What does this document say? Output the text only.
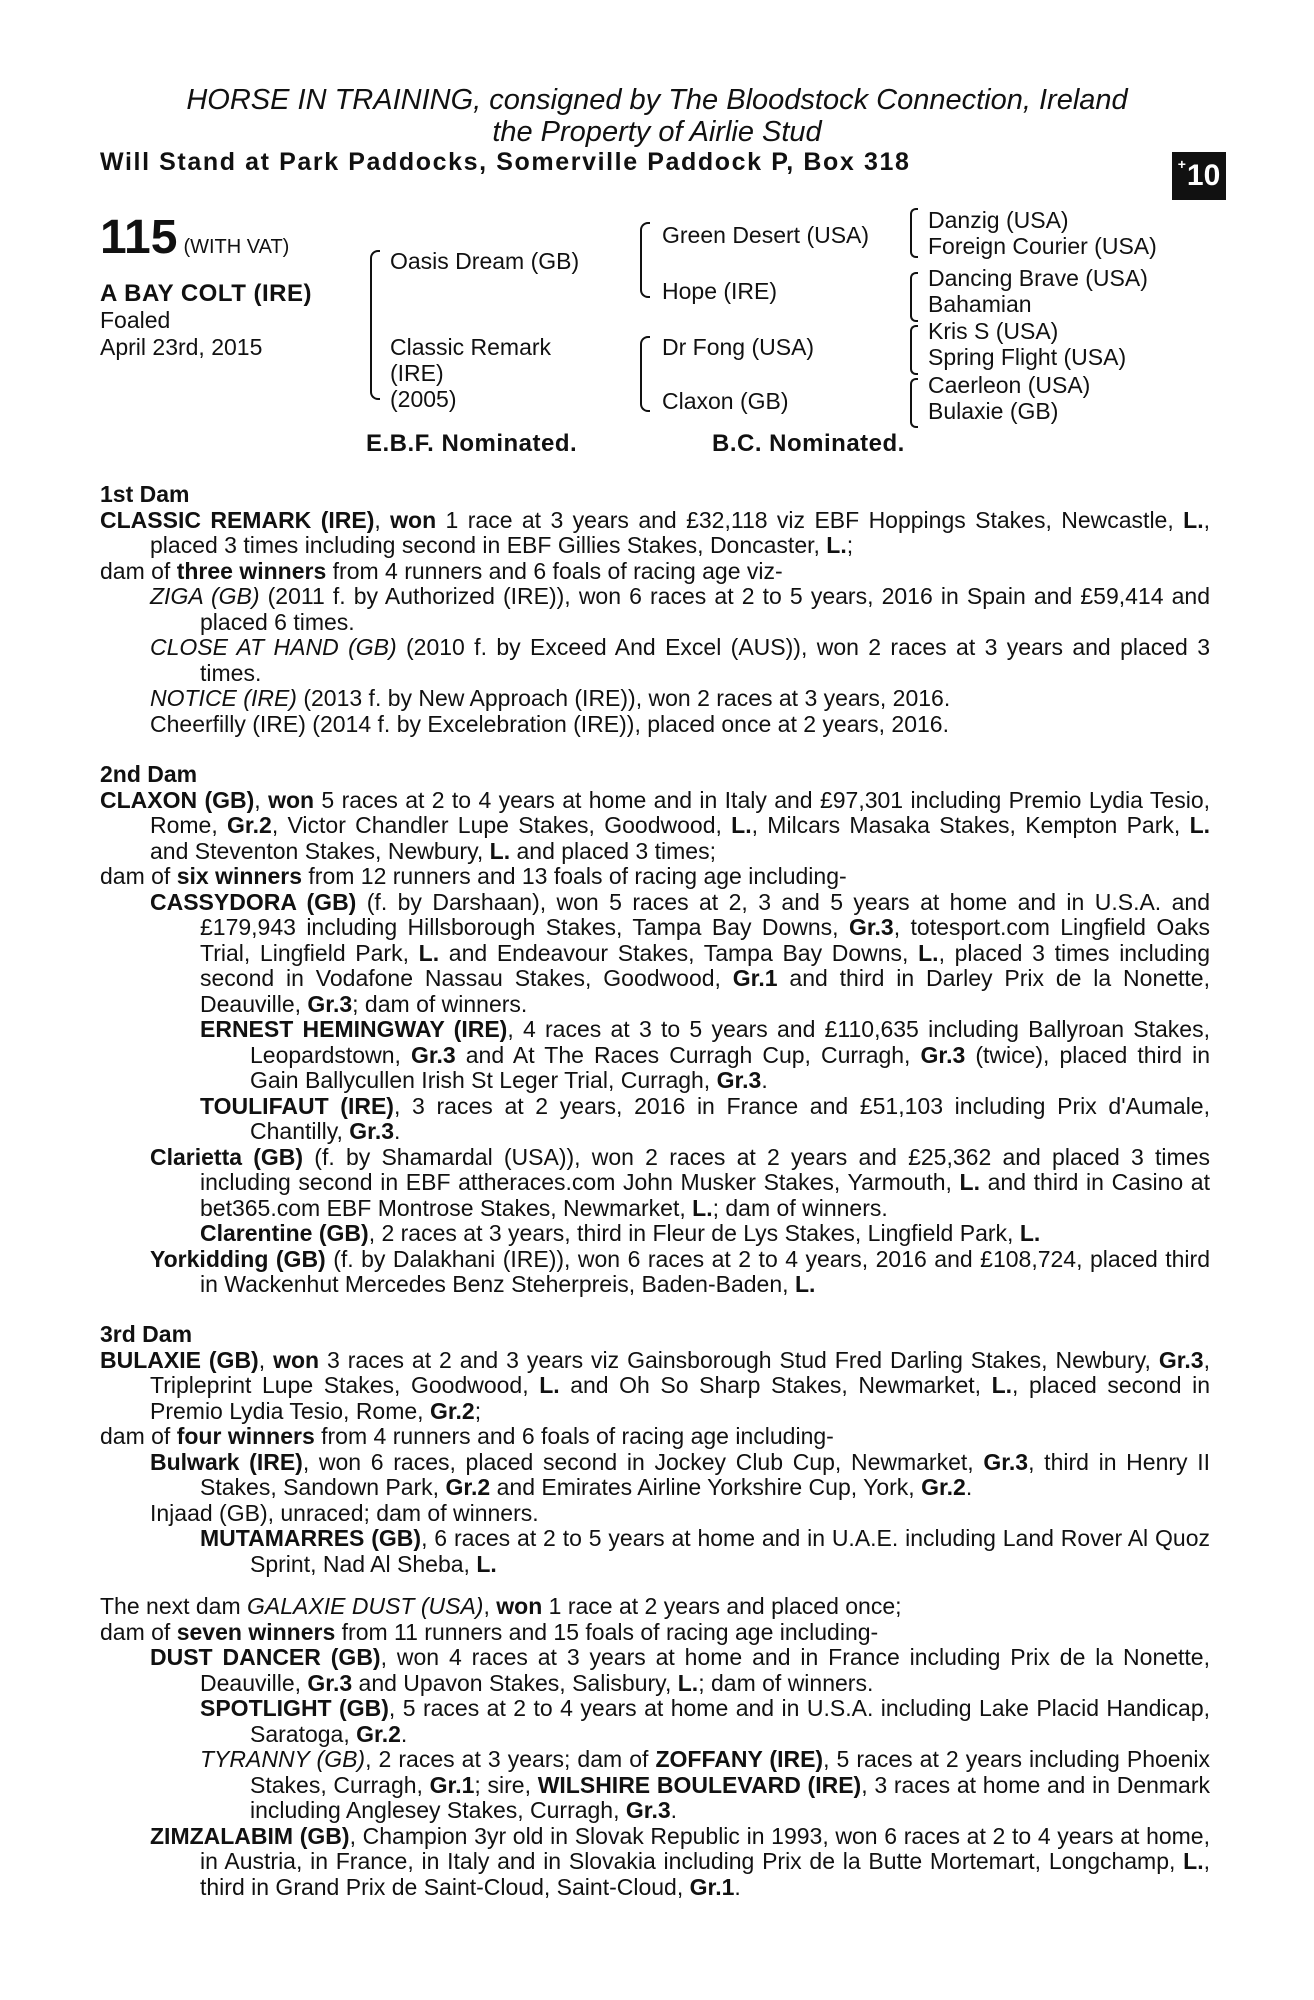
HORSE IN TRAINING, consigned by The Bloodstock Connection, Ireland
the Property of Airlie Stud
Will Stand at Park Paddocks, Somerville Paddock P, Box 318	+ 10
115 (WITH VAT)
A BAY COLT (IRE)
Foaled
April 23rd, 2015
Oasis Dream (GB)
Classic Remark
(IRE)
(2005)
Green Desert (USA)
Hope (IRE)
Dr Fong (USA)
Claxon (GB)
Danzig (USA)
Foreign Courier (USA)
Dancing Brave (USA)
Bahamian
Kris S (USA)
Spring Flight (USA)
Caerleon (USA)
Bulaxie (GB)
E.B.F. Nominated.	B.C. Nominated.

1st Dam

CLASSIC REMARK (IRE), won 1 race at 3 years and £32,118 viz EBF Hoppings Stakes, Newcastle, L., placed 3 times including second in EBF Gillies Stakes, Doncaster, L.;

dam of three winners from 4 runners and 6 foals of racing age viz-

ZIGA (GB) (2011 f. by Authorized (IRE)), won 6 races at 2 to 5 years, 2016 in Spain and £59,414 and placed 6 times.

CLOSE AT HAND (GB) (2010 f. by Exceed And Excel (AUS)), won 2 races at 3 years and placed 3 times.

NOTICE (IRE) (2013 f. by New Approach (IRE)), won 2 races at 3 years, 2016.

Cheerfilly (IRE) (2014 f. by Excelebration (IRE)), placed once at 2 years, 2016.

2nd Dam

CLAXON (GB), won 5 races at 2 to 4 years at home and in Italy and £97,301 including Premio Lydia Tesio, Rome, Gr.2, Victor Chandler Lupe Stakes, Goodwood, L., Milcars Masaka Stakes, Kempton Park, L. and Steventon Stakes, Newbury, L. and placed 3 times;

dam of six winners from 12 runners and 13 foals of racing age including-

CASSYDORA (GB) (f. by Darshaan), won 5 races at 2, 3 and 5 years at home and in U.S.A. and £179,943 including Hillsborough Stakes, Tampa Bay Downs, Gr.3, totesport.com Lingfield Oaks Trial, Lingfield Park, L. and Endeavour Stakes, Tampa Bay Downs, L., placed 3 times including second in Vodafone Nassau Stakes, Goodwood, Gr.1 and third in Darley Prix de la Nonette, Deauville, Gr.3; dam of winners.

ERNEST HEMINGWAY (IRE), 4 races at 3 to 5 years and £110,635 including Ballyroan Stakes, Leopardstown, Gr.3 and At The Races Curragh Cup, Curragh, Gr.3 (twice), placed third in Gain Ballycullen Irish St Leger Trial, Curragh, Gr.3.

TOULIFAUT (IRE), 3 races at 2 years, 2016 in France and £51,103 including Prix d'Aumale, Chantilly, Gr.3.

Clarietta (GB) (f. by Shamardal (USA)), won 2 races at 2 years and £25,362 and placed 3 times including second in EBF attheraces.com John Musker Stakes, Yarmouth, L. and third in Casino at bet365.com EBF Montrose Stakes, Newmarket, L.; dam of winners.

Clarentine (GB), 2 races at 3 years, third in Fleur de Lys Stakes, Lingfield Park, L.

Yorkidding (GB) (f. by Dalakhani (IRE)), won 6 races at 2 to 4 years, 2016 and £108,724, placed third in Wackenhut Mercedes Benz Steherpreis, Baden-Baden, L.

3rd Dam

BULAXIE (GB), won 3 races at 2 and 3 years viz Gainsborough Stud Fred Darling Stakes, Newbury, Gr.3, Tripleprint Lupe Stakes, Goodwood, L. and Oh So Sharp Stakes, Newmarket, L., placed second in Premio Lydia Tesio, Rome, Gr.2;

dam of four winners from 4 runners and 6 foals of racing age including-

Bulwark (IRE), won 6 races, placed second in Jockey Club Cup, Newmarket, Gr.3, third in Henry II Stakes, Sandown Park, Gr.2 and Emirates Airline Yorkshire Cup, York, Gr.2.

Injaad (GB), unraced; dam of winners.

MUTAMARRES (GB), 6 races at 2 to 5 years at home and in U.A.E. including Land Rover Al Quoz Sprint, Nad Al Sheba, L.

The next dam GALAXIE DUST (USA), won 1 race at 2 years and placed once;

dam of seven winners from 11 runners and 15 foals of racing age including-

DUST DANCER (GB), won 4 races at 3 years at home and in France including Prix de la Nonette, Deauville, Gr.3 and Upavon Stakes, Salisbury, L.; dam of winners.

SPOTLIGHT (GB), 5 races at 2 to 4 years at home and in U.S.A. including Lake Placid Handicap, Saratoga, Gr.2.

TYRANNY (GB), 2 races at 3 years; dam of ZOFFANY (IRE), 5 races at 2 years including Phoenix Stakes, Curragh, Gr.1; sire, WILSHIRE BOULEVARD (IRE), 3 races at home and in Denmark including Anglesey Stakes, Curragh, Gr.3.

ZIMZALABIM (GB), Champion 3yr old in Slovak Republic in 1993, won 6 races at 2 to 4 years at home, in Austria, in France, in Italy and in Slovakia including Prix de la Butte Mortemart, Longchamp, L., third in Grand Prix de Saint-Cloud, Saint-Cloud, Gr.1.
